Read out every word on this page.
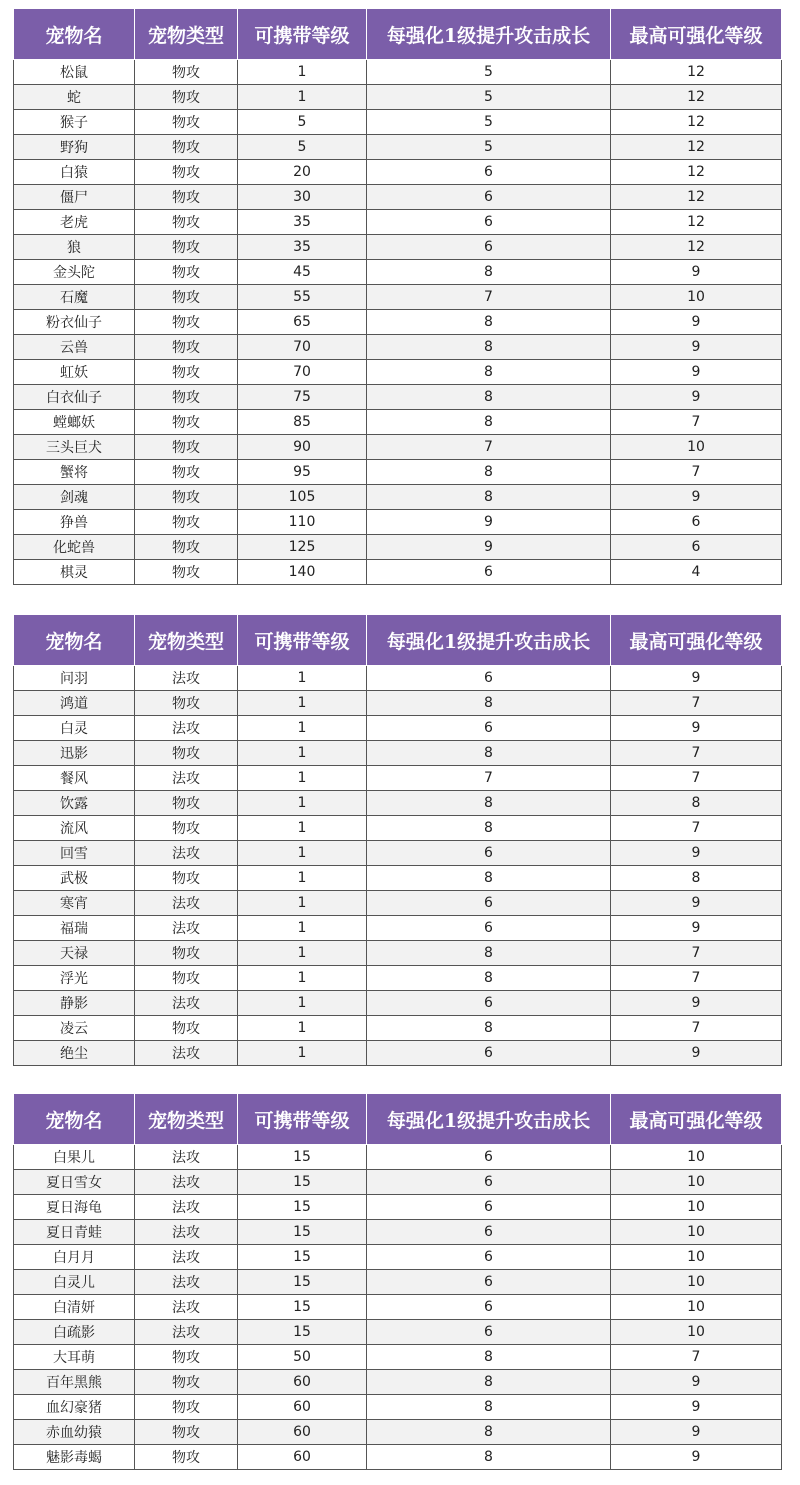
宠物名	宠物类型	可携带等级	每强化1级提升攻击成长	最高可强化等级
松鼠	物攻	1	5	12
蛇	物攻	1	5	12
猴子	物攻	5	5	12
野狗	物攻	5	5	12
白猿	物攻	20	6	12
僵尸	物攻	30	6	12
老虎	物攻	35	6	12
狼	物攻	35	6	12
金头陀	物攻	45	8	9
石魔	物攻	55	7	10
粉衣仙子	物攻	65	8	9
云兽	物攻	70	8	9
虹妖	物攻	70	8	9
白衣仙子	物攻	75	8	9
螳螂妖	物攻	85	8	7
三头巨犬	物攻	90	7	10
蟹将	物攻	95	8	7
剑魂	物攻	105	8	9
狰兽	物攻	110	9	6
化蛇兽	物攻	125	9	6
棋灵	物攻	140	6	4
宠物名	宠物类型	可携带等级	每强化1级提升攻击成长	最高可强化等级
问羽	法攻	1	6	9
鸿道	物攻	1	8	7
白灵	法攻	1	6	9
迅影	物攻	1	8	7
餐风	法攻	1	7	7
饮露	物攻	1	8	8
流风	物攻	1	8	7
回雪	法攻	1	6	9
武极	物攻	1	8	8
寒宵	法攻	1	6	9
福瑞	法攻	1	6	9
天禄	物攻	1	8	7
浮光	物攻	1	8	7
静影	法攻	1	6	9
凌云	物攻	1	8	7
绝尘	法攻	1	6	9
宠物名	宠物类型	可携带等级	每强化1级提升攻击成长	最高可强化等级
白果儿	法攻	15	6	10
夏日雪女	法攻	15	6	10
夏日海龟	法攻	15	6	10
夏日青蛙	法攻	15	6	10
白月月	法攻	15	6	10
白灵儿	法攻	15	6	10
白清妍	法攻	15	6	10
白疏影	法攻	15	6	10
大耳萌	物攻	50	8	7
百年黑熊	物攻	60	8	9
血幻豪猪	物攻	60	8	9
赤血幼猿	物攻	60	8	9
魅影毒蝎	物攻	60	8	9
